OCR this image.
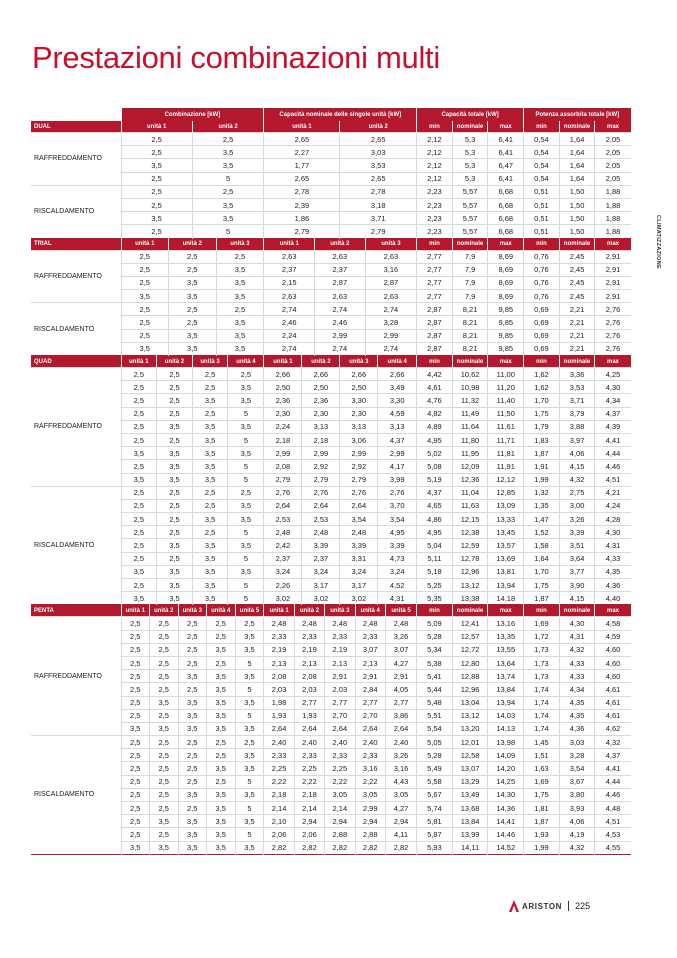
Prestazioni combinazioni multi
CLIMATIZZAZIONE
	Combinazione [kW]										Capacità nominale delle singole unità [kW]										Capacità totale [kW]			Potenza assorbita totale [kW]		
DUAL	unità 1					unità 2					unità 1					unità 2					min	nominale	max	min	nominale	max
RAFFREDDAMENTO	2,5					2,5					2,65					2,65					2,12	5,3	6,41	0,54	1,64	2,05
	2,5					3,5					2,27					3,03					2,12	5,3	6,41	0,54	1,64	2,05
	3,5					3,5					1,77					3,53					2,12	5,3	6,47	0,54	1,64	2,05
	2,5					5					2,65					2,65					2,12	5,3	6,41	0,54	1,64	2,05
RISCALDAMENTO	2,5					2,5					2,78					2,78					2,23	5,57	6,68	0,51	1,50	1,88
	2,5					3,5					2,39					3,18					2,23	5,57	6,68	0,51	1,50	1,88
	3,5					3,5					1,86					3,71					2,23	5,57	6,68	0,51	1,50	1,88
	2,5					5					2,79					2,79					2,23	5,57	6,68	0,51	1,50	1,88
TRIAL	unità 1			unità 2				unità 3			unità 1			unità 2				unità 3			min	nominale	max	min	nominale	max
RAFFREDDAMENTO	2,5			2,5				2,5			2,63			2,63				2,63			2,77	7,9	8,69	0,76	2,45	2,91
	2,5			2,5				3,5			2,37			2,37				3,16			2,77	7,9	8,69	0,76	2,45	2,91
	2,5			3,5				3,5			2,15			2,87				2,87			2,77	7,9	8,69	0,76	2,45	2,91
	3,5			3,5				3,5			2,63			2,63				2,63			2,77	7,9	8,69	0,76	2,45	2,91
RISCALDAMENTO	2,5			2,5				2,5			2,74			2,74				2,74			2,87	8,21	9,85	0,69	2,21	2,76
	2,5			2,5				3,5			2,46			2,46				3,28			2,87	8,21	9,85	0,69	2,21	2,76
	2,5			3,5				3,5			2,24			2,99				2,99			2,87	8,21	9,85	0,69	2,21	2,76
	3,5			3,5				3,5			2,74			2,74				2,74			2,87	8,21	9,85	0,69	2,21	2,76
QUAD	unità 1		unità 2			unità 3			unità 4		unità 1		unità 2			unità 3			unità 4		min	nominale	max	min	nominale	max
RAFFREDDAMENTO	2,5		2,5			2,5			2,5		2,66		2,66			2,66			2,66		4,42	10,62	11,00	1,62	3,36	4,25
	2,5		2,5			2,5			3,5		2,50		2,50			2,50			3,49		4,61	10,98	11,20	1,62	3,53	4,30
	2,5		2,5			3,5			3,5		2,36		2,36			3,30			3,30		4,76	11,32	11,40	1,70	3,71	4,34
	2,5		2,5			2,5			5		2,30		2,30			2,30			4,59		4,82	11,49	11,50	1,75	3,79	4,37
	2,5		3,5			3,5			3,5		2,24		3,13			3,13			3,13		4,89	11,64	11,61	1,79	3,88	4,39
	2,5		2,5			3,5			5		2,18		2,18			3,06			4,37		4,95	11,80	11,71	1,83	3,97	4,41
	3,5		3,5			3,5			3,5		2,99		2,99			2,99			2,99		5,02	11,95	11,81	1,87	4,06	4,44
	2,5		3,5			3,5			5		2,08		2,92			2,92			4,17		5,08	12,09	11,91	1,91	4,15	4,46
	3,5		3,5			3,5			5		2,79		2,79			2,79			3,99		5,19	12,36	12,12	1,99	4,32	4,51
RISCALDAMENTO	2,5		2,5			2,5			2,5		2,76		2,76			2,76			2,76		4,37	11,04	12,85	1,32	2,75	4,21
	2,5		2,5			2,5			3,5		2,64		2,64			2,64			3,70		4,65	11,63	13,09	1,35	3,00	4,24
	2,5		2,5			3,5			3,5		2,53		2,53			3,54			3,54		4,86	12,15	13,33	1,47	3,26	4,28
	2,5		2,5			2,5			5		2,48		2,48			2,48			4,95		4,95	12,38	13,45	1,52	3,39	4,30
	2,5		3,5			3,5			3,5		2,42		3,39			3,39			3,39		5,04	12,59	13,57	1,58	3,51	4,31
	2,5		2,5			3,5			5		2,37		2,37			3,31			4,73		5,11	12,78	13,69	1,64	3,64	4,33
	3,5		3,5			3,5			3,5		3,24		3,24			3,24			3,24		5,18	12,96	13,81	1,70	3,77	4,35
	2,5		3,5			3,5			5		2,26		3,17			3,17			4,52		5,25	13,12	13,94	1,75	3,90	4,36
	3,5		3,5			3,5			5		3,02		3,02			3,02			4,31		5,35	13,38	14,18	1,87	4,15	4,40
PENTA	unità 1	unità 2			unità 3		unità 4			unità 5	unità 1	unità 2			unità 3		unità 4			unità 5	min	nominale	max	min	nominale	max
RAFFREDDAMENTO	2,5	2,5			2,5		2,5			2,5	2,48	2,48			2,48		2,48			2,48	5,09	12,41	13,16	1,69	4,30	4,58
	2,5	2,5			2,5		2,5			3,5	2,33	2,33			2,33		2,33			3,26	5,28	12,57	13,35	1,72	4,31	4,59
	2,5	2,5			2,5		3,5			3,5	2,19	2,19			2,19		3,07			3,07	5,34	12,72	13,55	1,73	4,32	4,60
	2,5	2,5			2,5		2,5			5	2,13	2,13			2,13		2,13			4,27	5,38	12,80	13,64	1,73	4,33	4,60
	2,5	2,5			3,5		3,5			3,5	2,08	2,08			2,91		2,91			2,91	5,41	12,88	13,74	1,73	4,33	4,60
	2,5	2,5			2,5		3,5			5	2,03	2,03			2,03		2,84			4,05	5,44	12,96	13,84	1,74	4,34	4,61
	2,5	3,5			3,5		3,5			3,5	1,98	2,77			2,77		2,77			2,77	5,48	13,04	13,94	1,74	4,35	4,61
	2,5	2,5			3,5		3,5			5	1,93	1,93			2,70		2,70			3,86	5,51	13,12	14,03	1,74	4,35	4,61
	3,5	3,5			3,5		3,5			3,5	2,64	2,64			2,64		2,64			2,64	5,54	13,20	14,13	1,74	4,36	4,62
RISCALDAMENTO	2,5	2,5			2,5		2,5			2,5	2,40	2,40			2,40		2,40			2,40	5,05	12,01	13,98	1,45	3,03	4,32
	2,5	2,5			2,5		2,5			3,5	2,33	2,33			2,33		2,33			3,26	5,28	12,58	14,09	1,51	3,28	4,37
	2,5	2,5			2,5		3,5			3,5	2,25	2,25			2,25		3,16			3,16	5,49	13,07	14,20	1,63	3,54	4,41
	2,5	2,5			2,5		2,5			5	2,22	2,22			2,22		2,22			4,43	5,58	13,29	14,25	1,69	3,67	4,44
	2,5	2,5			3,5		3,5			3,5	2,18	2,18			3,05		3,05			3,05	5,67	13,49	14,30	1,75	3,80	4,46
	2,5	2,5			2,5		3,5			5	2,14	2,14			2,14		2,99			4,27	5,74	13,68	14,36	1,81	3,93	4,48
	2,5	3,5			3,5		3,5			3,5	2,10	2,94			2,94		2,94			2,94	5,81	13,84	14,41	1,87	4,06	4,51
	2,5	2,5			3,5		3,5			5	2,06	2,06			2,88		2,88			4,11	5,87	13,99	14,46	1,93	4,19	4,53
	3,5	3,5			3,5		3,5			3,5	2,82	2,82			2,82		2,82			2,82	5,93	14,11	14,52	1,99	4,32	4,55
ARISTON 225
